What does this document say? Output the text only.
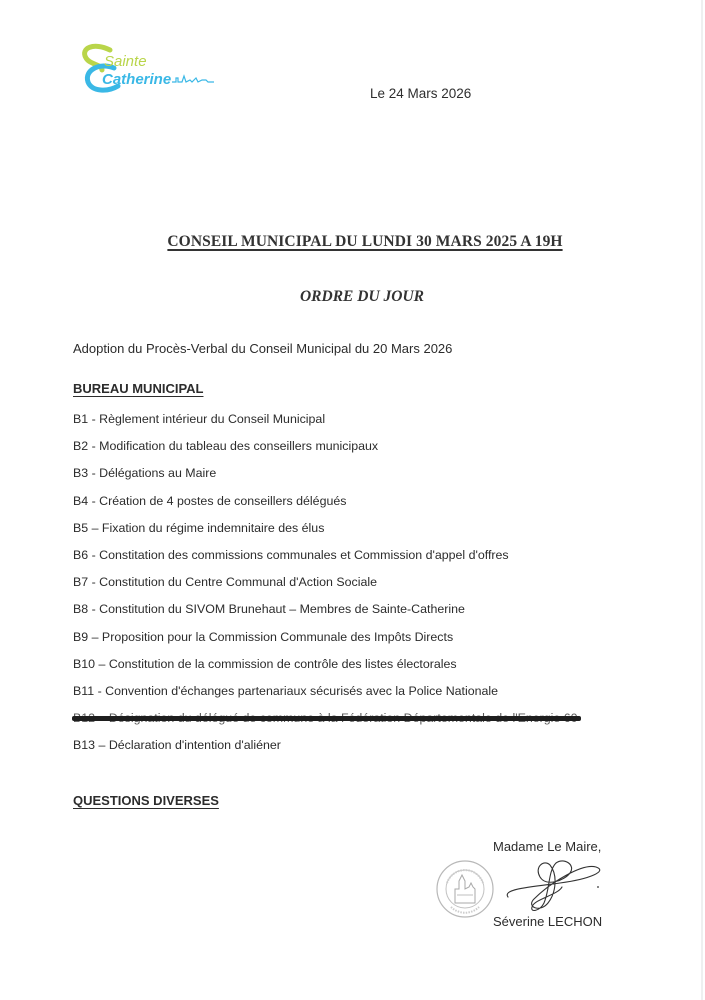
Sainte
Catherine
Le 24 Mars 2026
CONSEIL MUNICIPAL DU LUNDI 30 MARS 2025 A 19H
ORDRE DU JOUR
Adoption du Procès-Verbal du Conseil Municipal du 20 Mars 2026
BUREAU MUNICIPAL
B1 - Règlement intérieur du Conseil Municipal
B2 - Modification du tableau des conseillers municipaux
B3 - Délégations au Maire
B4 - Création de 4 postes de conseillers délégués
B5 – Fixation du régime indemnitaire des élus
B6 - Constitation des commissions communales et Commission d'appel d'offres
B7 - Constitution du Centre Communal d'Action Sociale
B8 - Constitution du SIVOM Brunehaut – Membres de Sainte-Catherine
B9 – Proposition pour la Commission Communale des Impôts Directs
B10 – Constitution de la commission de contrôle des listes électorales
B11 - Convention d'échanges partenariaux sécurisés avec la Police Nationale
B13 – Déclaration d'intention d'aliéner
QUESTIONS DIVERSES
Madame Le Maire,
Séverine LECHON
